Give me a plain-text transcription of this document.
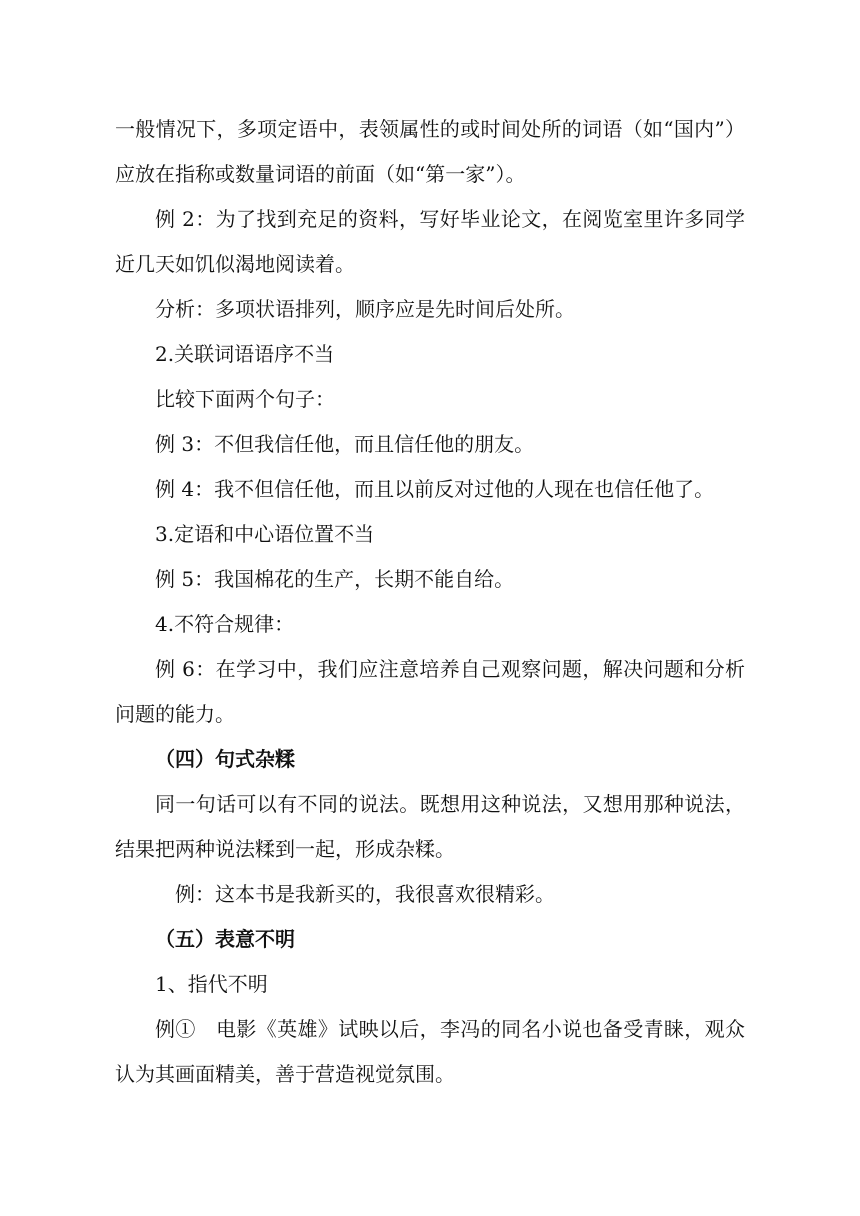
一般情况下，多项定语中，表领属性的或时间处所的词语（如“国内”）应放在指称或数量词语的前面（如“第一家”）。

例 2：为了找到充足的资料，写好毕业论文，在阅览室里许多同学近几天如饥似渴地阅读着。

分析：多项状语排列，顺序应是先时间后处所。

2.关联词语语序不当

比较下面两个句子：

例 3：不但我信任他，而且信任他的朋友。

例 4：我不但信任他，而且以前反对过他的人现在也信任他了。

3.定语和中心语位置不当

例 5：我国棉花的生产，长期不能自给。

4.不符合规律：

例 6：在学习中，我们应注意培养自己观察问题，解决问题和分析问题的能力。

（四）句式杂糅

同一句话可以有不同的说法。既想用这种说法，又想用那种说法，结果把两种说法糅到一起，形成杂糅。

例：这本书是我新买的，我很喜欢很精彩。

（五）表意不明

1、指代不明

例①　电影《英雄》试映以后，李冯的同名小说也备受青睐，观众认为其画面精美，善于营造视觉氛围。
